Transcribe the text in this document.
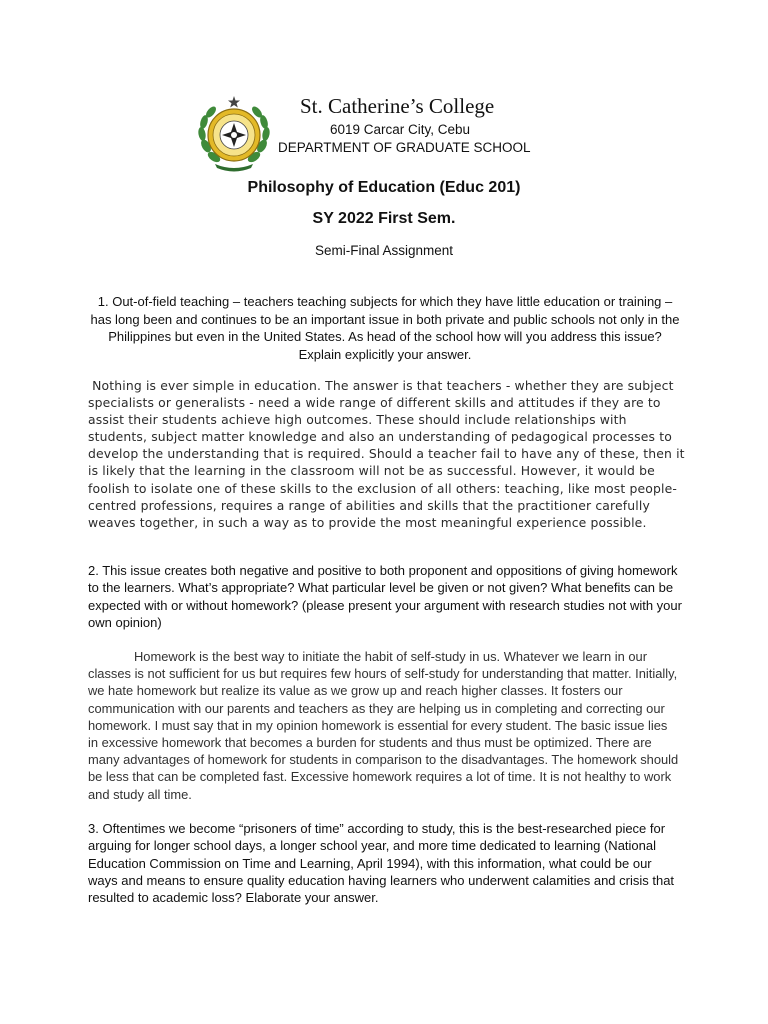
St. Catherine’s College
6019 Carcar City, Cebu
DEPARTMENT OF GRADUATE SCHOOL
Philosophy of Education (Educ 201)
SY 2022 First Sem.
Semi-Final Assignment
1. Out-of-field teaching – teachers teaching subjects for which they have little education or training – has long been and continues to be an important issue in both private and public schools not only in the Philippines but even in the United States. As head of the school how will you address this issue? Explain explicitly your answer.
Nothing is ever simple in education. The answer is that teachers - whether they are subject specialists or generalists - need a wide range of different skills and attitudes if they are to assist their students achieve high outcomes. These should include relationships with students, subject matter knowledge and also an understanding of pedagogical processes to develop the understanding that is required. Should a teacher fail to have any of these, then it is likely that the learning in the classroom will not be as successful. However, it would be foolish to isolate one of these skills to the exclusion of all others: teaching, like most people-centred professions, requires a range of abilities and skills that the practitioner carefully weaves together, in such a way as to provide the most meaningful experience possible.
2. This issue creates both negative and positive to both proponent and oppositions of giving homework to the learners. What’s appropriate? What particular level be given or not given? What benefits can be expected with or without homework? (please present your argument with research studies not with your own opinion)
Homework is the best way to initiate the habit of self-study in us. Whatever we learn in our classes is not sufficient for us but requires few hours of self-study for understanding that matter. Initially, we hate homework but realize its value as we grow up and reach higher classes. It fosters our communication with our parents and teachers as they are helping us in completing and correcting our homework. I must say that in my opinion homework is essential for every student. The basic issue lies in excessive homework that becomes a burden for students and thus must be optimized. There are many advantages of homework for students in comparison to the disadvantages. The homework should be less that can be completed fast. Excessive homework requires a lot of time. It is not healthy to work and study all time.
3. Oftentimes we become “prisoners of time” according to study, this is the best-researched piece for arguing for longer school days, a longer school year, and more time dedicated to learning (National Education Commission on Time and Learning, April 1994), with this information, what could be our ways and means to ensure quality education having learners who underwent calamities and crisis that resulted to academic loss? Elaborate your answer.
